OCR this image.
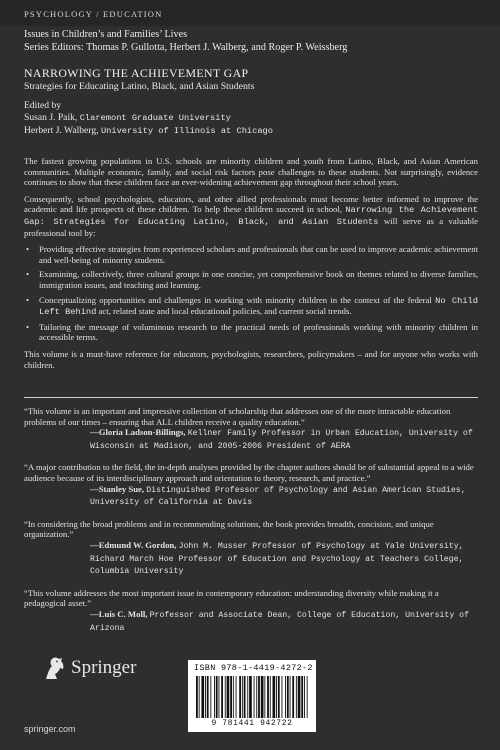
PSYCHOLOGY / EDUCATION
Issues in Children’s and Families’ Lives
Series Editors: Thomas P. Gullotta, Herbert J. Walberg, and Roger P. Weissberg
NARROWING THE ACHIEVEMENT GAP
Strategies for Educating Latino, Black, and Asian Students
Edited by
Susan J. Paik, Claremont Graduate University
Herbert J. Walberg, University of Illinois at Chicago

The fastest growing populations in U.S. schools are minority children and youth from Latino, Black, and Asian American communities. Multiple economic, family, and social risk factors pose challenges to these students. Not surprisingly, evidence continues to show that these children face an ever-widening achievement gap throughout their school years.

Consequently, school psychologists, educators, and other allied professionals must become better informed to improve the academic and life prospects of these children. To help these children succeed in school, Narrowing the Achievement Gap: Strategies for Educating Latino, Black, and Asian Students will serve as a valuable professional tool by:

• Providing effective strategies from experienced scholars and professionals that can be used to improve academic achievement and well-being of minority students.
• Examining, collectively, three cultural groups in one concise, yet comprehensive book on themes related to diverse families, immigration issues, and teaching and learning.
• Conceptualizing opportunities and challenges in working with minority children in the context of the federal No Child Left Behind act, related state and local educational policies, and current social trends.
• Tailoring the message of voluminous research to the practical needs of professionals working with minority children in accessible terms.

This volume is a must-have reference for educators, psychologists, researchers, policymakers – and for anyone who works with children.

“This volume is an important and impressive collection of scholarship that addresses one of the more intractable education problems of our times – ensuring that ALL children receive a quality education.”
—Gloria Ladson-Billings, Kellner Family Professor in Urban Education, University of Wisconsin at Madison, and 2005-2006 President of AERA
“A major contribution to the field, the in-depth analyses provided by the chapter authors should be of substantial appeal to a wide audience because of its interdisciplinary approach and orientation to theory, research, and practice.”
—Stanley Sue, Distinguished Professor of Psychology and Asian American Studies, University of California at Davis
“In considering the broad problems and in recommending solutions, the book provides breadth, concision, and unique organization.”
—Edmund W. Gordon, John M. Musser Professor of Psychology at Yale University, Richard March Hoe Professor of Education and Psychology at Teachers College, Columbia University
“This volume addresses the most important issue in contemporary education: understanding diversity while making it a pedagogical asset.”
—Luis C. Moll, Professor and Associate Dean, College of Education, University of Arizona
Springer
springer.com
ISBN 978-1-4419-4272-2
9 781441 942722
